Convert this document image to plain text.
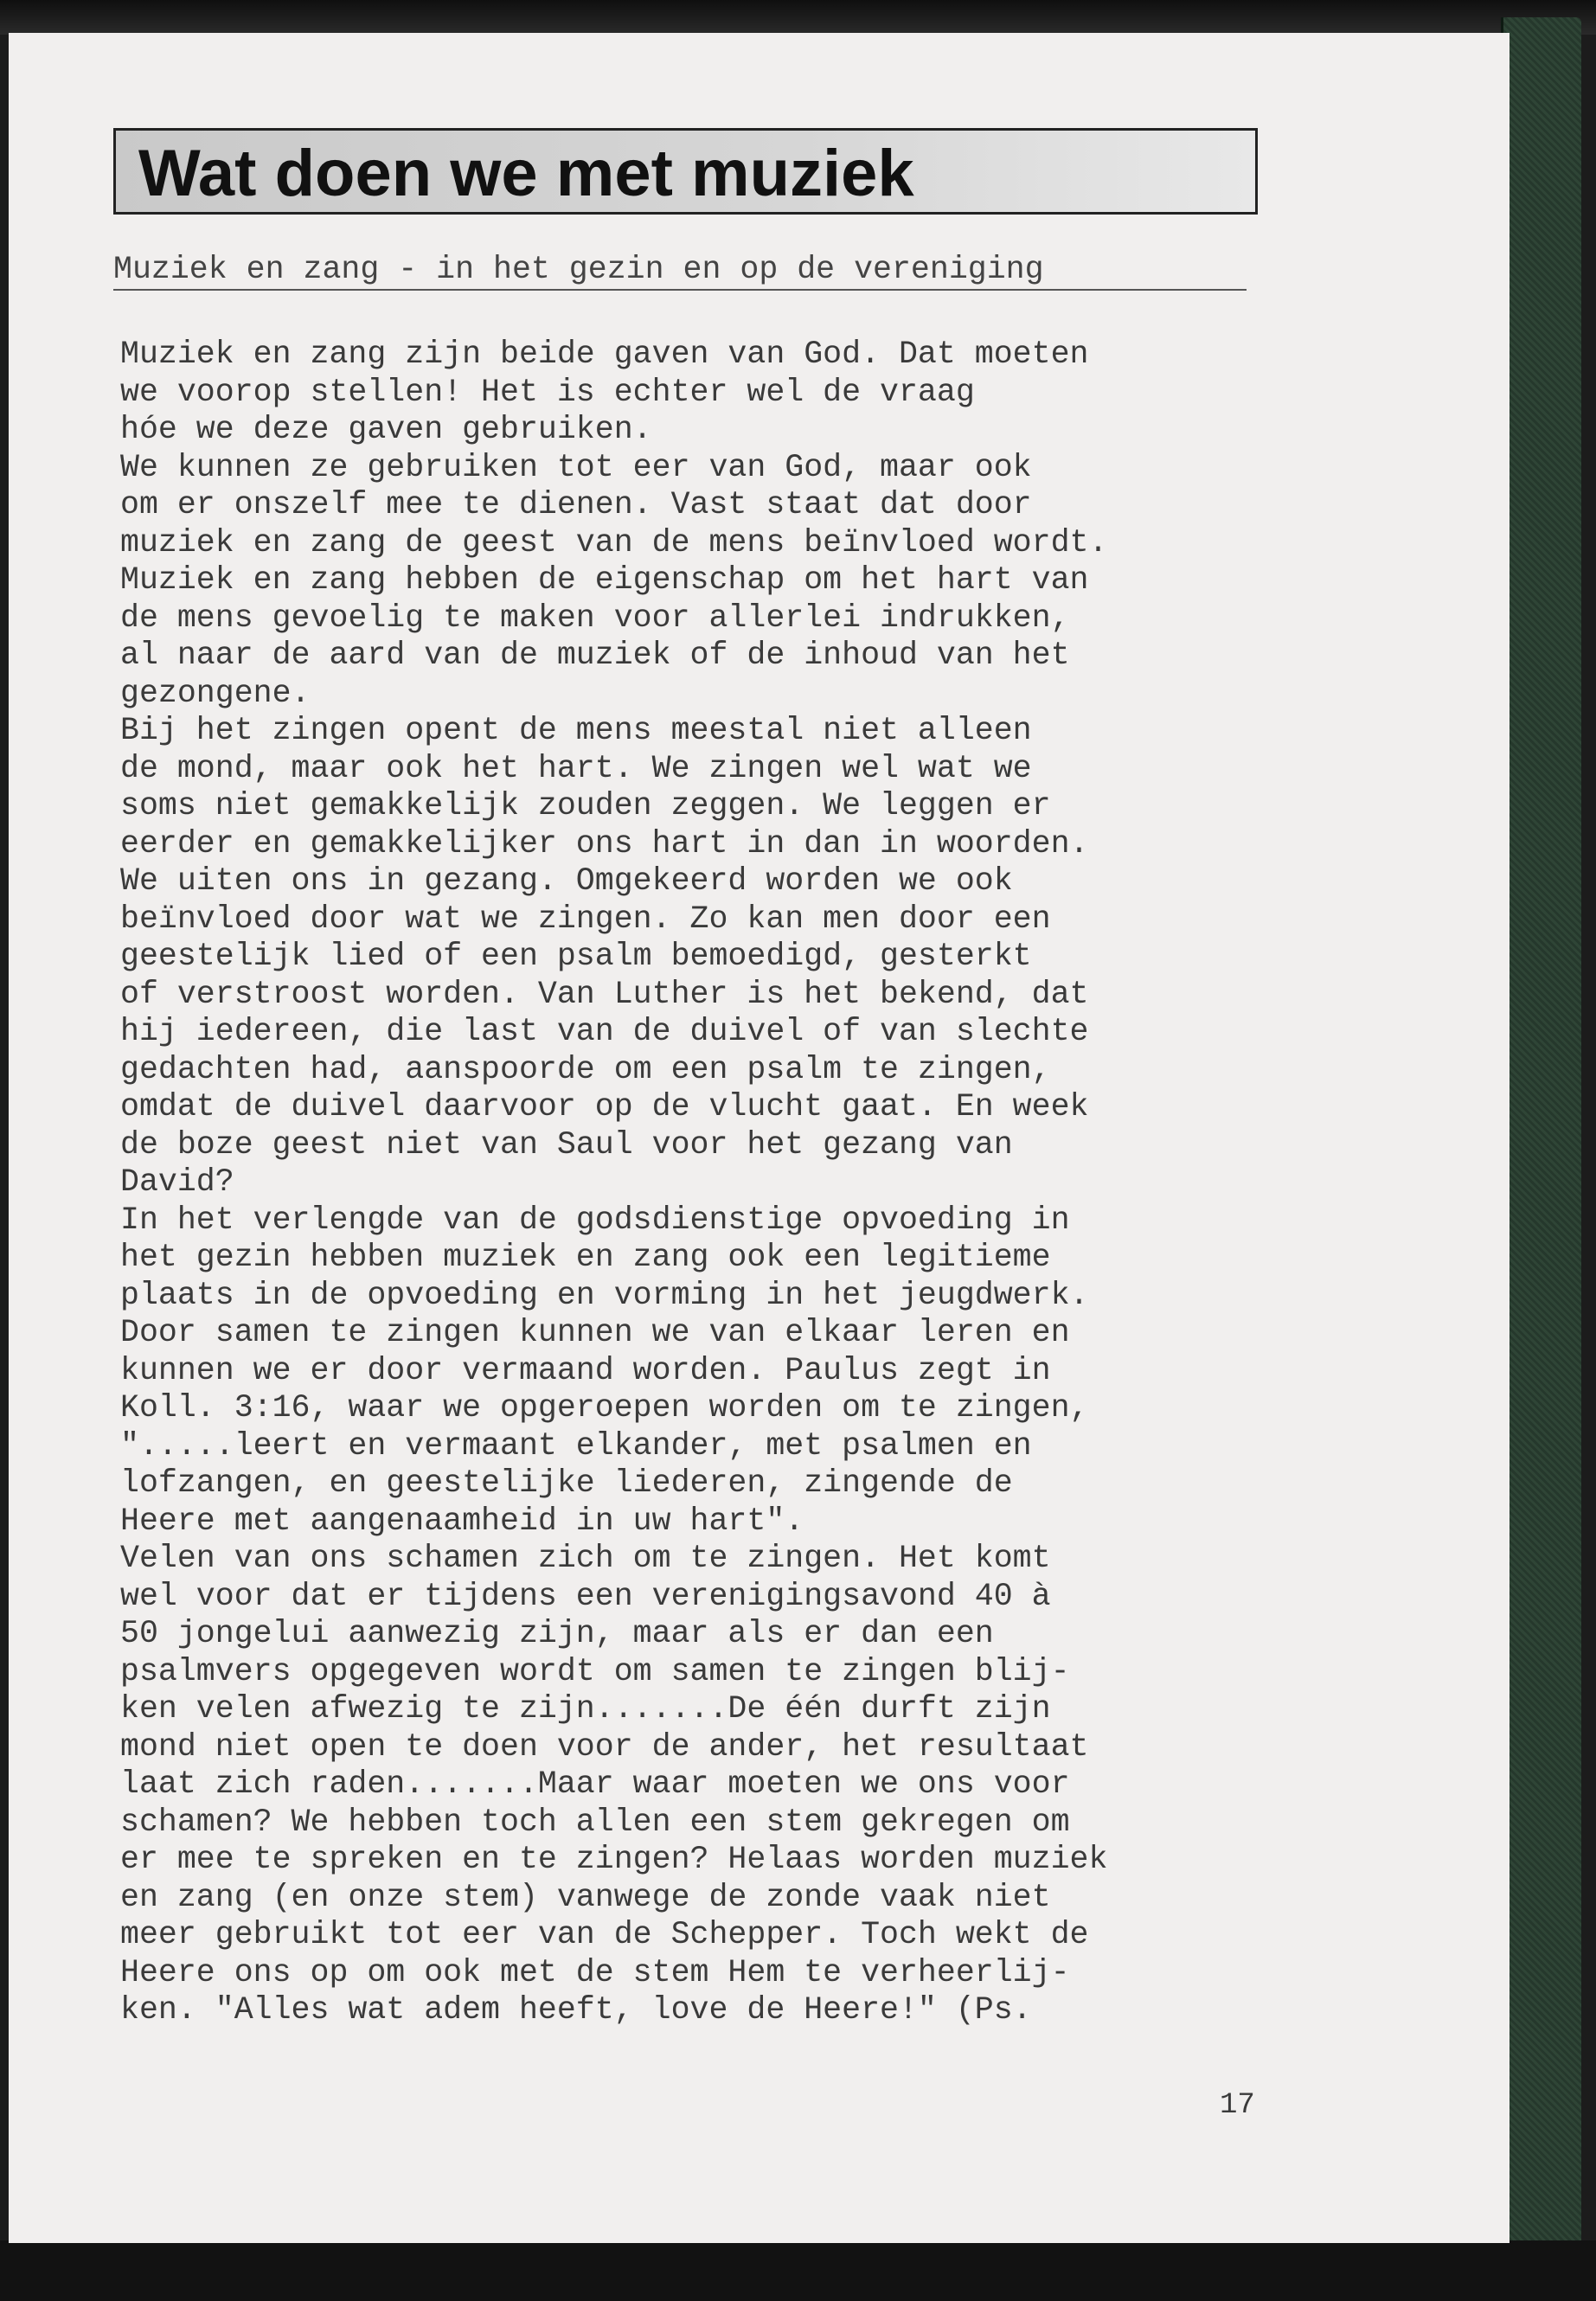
Wat doen we met muziek
Muziek en zang - in het gezin en op de vereniging
Muziek en zang zijn beide gaven van God. Dat moeten
we voorop stellen! Het is echter wel de vraag
hóe we deze gaven gebruiken.
We kunnen ze gebruiken tot eer van God, maar ook
om er onszelf mee te dienen. Vast staat dat door
muziek en zang de geest van de mens beïnvloed wordt.
Muziek en zang hebben de eigenschap om het hart van
de mens gevoelig te maken voor allerlei indrukken,
al naar de aard van de muziek of de inhoud van het
gezongene.
Bij het zingen opent de mens meestal niet alleen
de mond, maar ook het hart. We zingen wel wat we
soms niet gemakkelijk zouden zeggen. We leggen er
eerder en gemakkelijker ons hart in dan in woorden.
We uiten ons in gezang. Omgekeerd worden we ook
beïnvloed door wat we zingen. Zo kan men door een
geestelijk lied of een psalm bemoedigd, gesterkt
of verstroost worden. Van Luther is het bekend, dat
hij iedereen, die last van de duivel of van slechte
gedachten had, aanspoorde om een psalm te zingen,
omdat de duivel daarvoor op de vlucht gaat. En week
de boze geest niet van Saul voor het gezang van
David?
In het verlengde van de godsdienstige opvoeding in
het gezin hebben muziek en zang ook een legitieme
plaats in de opvoeding en vorming in het jeugdwerk.
Door samen te zingen kunnen we van elkaar leren en
kunnen we er door vermaand worden. Paulus zegt in
Koll. 3:16, waar we opgeroepen worden om te zingen,
".....leert en vermaant elkander, met psalmen en
lofzangen, en geestelijke liederen, zingende de
Heere met aangenaamheid in uw hart".
Velen van ons schamen zich om te zingen. Het komt
wel voor dat er tijdens een verenigingsavond 40 à
50 jongelui aanwezig zijn, maar als er dan een
psalmvers opgegeven wordt om samen te zingen blij-
ken velen afwezig te zijn.......De één durft zijn
mond niet open te doen voor de ander, het resultaat
laat zich raden.......Maar waar moeten we ons voor
schamen? We hebben toch allen een stem gekregen om
er mee te spreken en te zingen? Helaas worden muziek
en zang (en onze stem) vanwege de zonde vaak niet
meer gebruikt tot eer van de Schepper. Toch wekt de
Heere ons op om ook met de stem Hem te verheerlij-
ken. "Alles wat adem heeft, love de Heere!" (Ps.
17
